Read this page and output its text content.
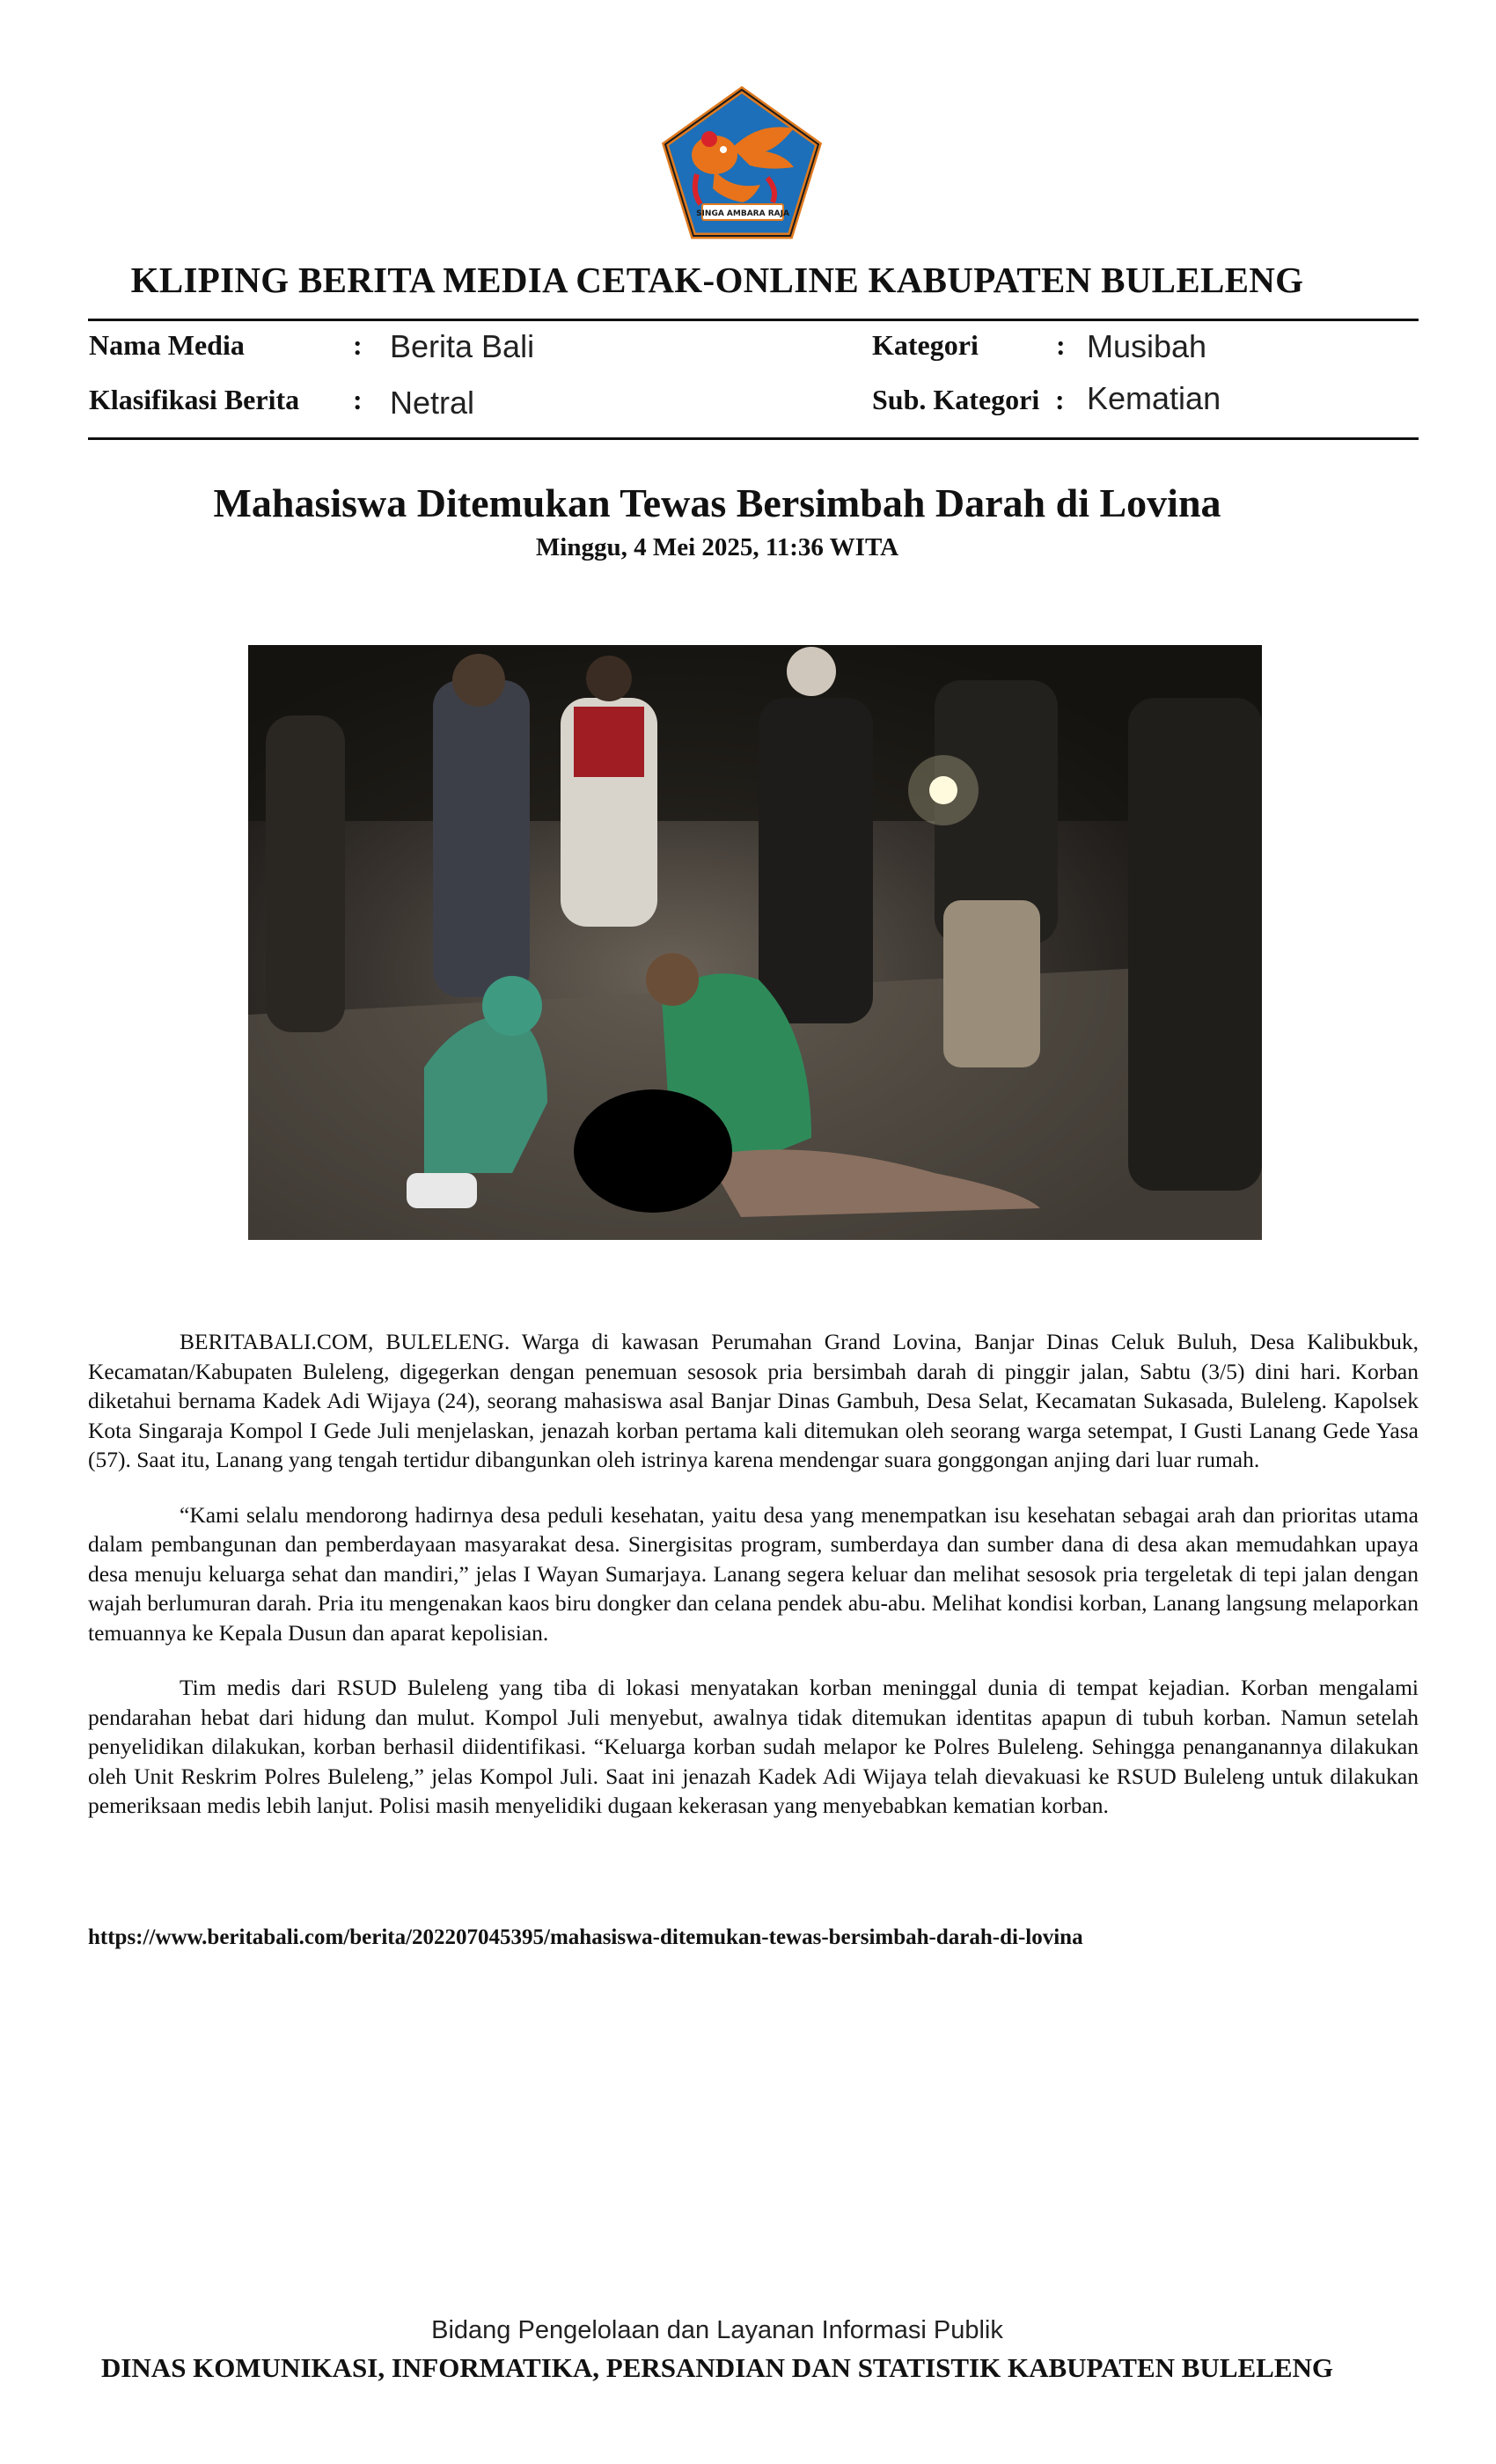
SINGA AMBARA RAJA
KLIPING BERITA MEDIA CETAK-ONLINE KABUPATEN BULELENG
Nama Media	: Berita Bali
Klasifikasi Berita : Netral
Kategori	: Musibah
Sub. Kategori : Kematian
Mahasiswa Ditemukan Tewas Bersimbah Darah di Lovina
Minggu, 4 Mei 2025, 11:36 WITA

BERITABALI.COM, BULELENG. Warga di kawasan Perumahan Grand Lovina, Banjar Dinas Celuk Buluh, Desa Kalibukbuk, Kecamatan/Kabupaten Buleleng, digegerkan dengan penemuan sesosok pria bersimbah darah di pinggir jalan, Sabtu (3/5) dini hari. Korban diketahui bernama Kadek Adi Wijaya (24), seorang mahasiswa asal Banjar Dinas Gambuh, Desa Selat, Kecamatan Sukasada, Buleleng. Kapolsek Kota Singaraja Kompol I Gede Juli menjelaskan, jenazah korban pertama kali ditemukan oleh seorang warga setempat, I Gusti Lanang Gede Yasa (57). Saat itu, Lanang yang tengah tertidur dibangunkan oleh istrinya karena mendengar suara gonggongan anjing dari luar rumah.

“Kami selalu mendorong hadirnya desa peduli kesehatan, yaitu desa yang menempatkan isu kesehatan sebagai arah dan prioritas utama dalam pembangunan dan pemberdayaan masyarakat desa. Sinergisitas program, sumberdaya dan sumber dana di desa akan memudahkan upaya desa menuju keluarga sehat dan mandiri,” jelas I Wayan Sumarjaya. Lanang segera keluar dan melihat sesosok pria tergeletak di tepi jalan dengan wajah berlumuran darah. Pria itu mengenakan kaos biru dongker dan celana pendek abu-abu. Melihat kondisi korban, Lanang langsung melaporkan temuannya ke Kepala Dusun dan aparat kepolisian.

Tim medis dari RSUD Buleleng yang tiba di lokasi menyatakan korban meninggal dunia di tempat kejadian. Korban mengalami pendarahan hebat dari hidung dan mulut. Kompol Juli menyebut, awalnya tidak ditemukan identitas apapun di tubuh korban. Namun setelah penyelidikan dilakukan, korban berhasil diidentifikasi. “Keluarga korban sudah melapor ke Polres Buleleng. Sehingga penanganannya dilakukan oleh Unit Reskrim Polres Buleleng,” jelas Kompol Juli. Saat ini jenazah Kadek Adi Wijaya telah dievakuasi ke RSUD Buleleng untuk dilakukan pemeriksaan medis lebih lanjut. Polisi masih menyelidiki dugaan kekerasan yang menyebabkan kematian korban.

https://www.beritabali.com/berita/202207045395/mahasiswa-ditemukan-tewas-bersimbah-darah-di-lovina
Bidang Pengelolaan dan Layanan Informasi Publik
DINAS KOMUNIKASI, INFORMATIKA, PERSANDIAN DAN STATISTIK KABUPATEN BULELENG
